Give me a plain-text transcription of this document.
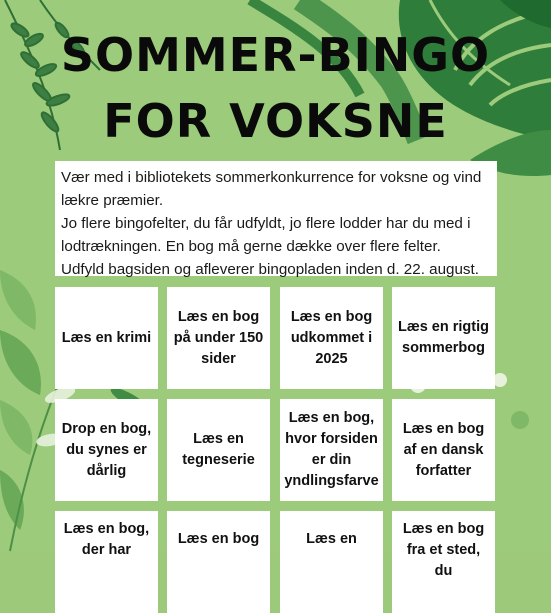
SOMMER-BINGO
FOR VOKSNE

Vær med i bibliotekets sommerkonkurrence for voksne og vind lækre præmier.

Jo flere bingofelter, du får udfyldt, jo flere lodder har du med i lodtrækningen. En bog må gerne dække over flere felter.

Udfyld bagsiden og afleverer bingopladen inden d. 22. august.

Læs en krimi
Læs en bog på under 150 sider
Læs en bog udkommet i 2025
Læs en rigtig sommerbog
Drop en bog, du synes er dårlig
Læs en tegneserie
Læs en bog, hvor forsiden er din yndlingsfarve
Læs en bog af en dansk forfatter
Læs en bog, der har
Læs en bog	Læs en
Læs en bog fra et sted, du
